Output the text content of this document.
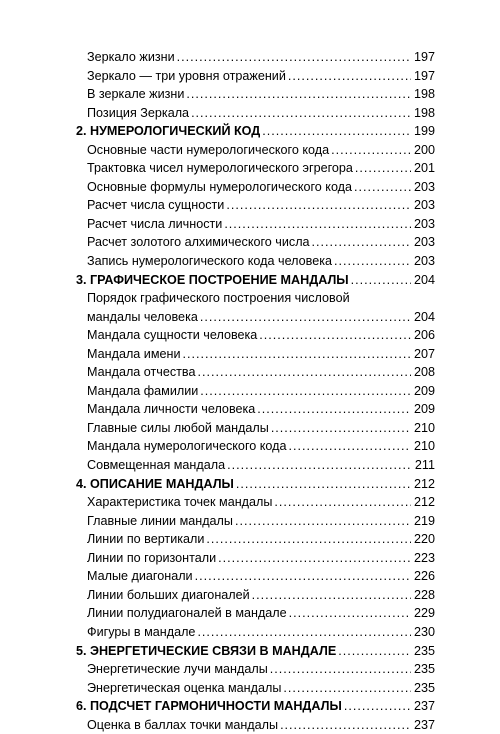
Зеркало жизни .....	197
Зеркало — три уровня отражений .....	197
В зеркале жизни .....	198
Позиция Зеркала .....	198
2. НУМЕРОЛОГИЧЕСКИЙ КОД .....	199
Основные части нумерологического кода .....	200
Трактовка чисел нумерологического эгрегора .....	201
Основные формулы нумерологического кода .....	203
Расчет числа сущности .....	203
Расчет числа личности .....	203
Расчет золотого алхимического числа .....	203
Запись нумерологического кода человека .....	203
3. ГРАФИЧЕСКОЕ ПОСТРОЕНИЕ МАНДАЛЫ .....	204
Порядок графического построения числовой
мандалы человека .....	204
Мандала сущности человека .....	206
Мандала имени .....	207
Мандала отчества .....	208
Мандала фамилии .....	209
Мандала личности человека .....	209
Главные силы любой мандалы .....	210
Мандала нумерологического кода .....	210
Совмещенная мандала .....	211
4. ОПИСАНИЕ МАНДАЛЫ .....	212
Характеристика точек мандалы .....	212
Главные линии мандалы .....	219
Линии по вертикали .....	220
Линии по горизонтали .....	223
Малые диагонали .....	226
Линии больших диагоналей .....	228
Линии полудиагоналей в мандале .....	229
Фигуры в мандале .....	230
5. ЭНЕРГЕТИЧЕСКИЕ СВЯЗИ В МАНДАЛЕ .....	235
Энергетические лучи мандалы .....	235
Энергетическая оценка мандалы .....	235
6. ПОДСЧЕТ ГАРМОНИЧНОСТИ МАНДАЛЫ .....	237
Оценка в баллах точки мандалы .....	237
